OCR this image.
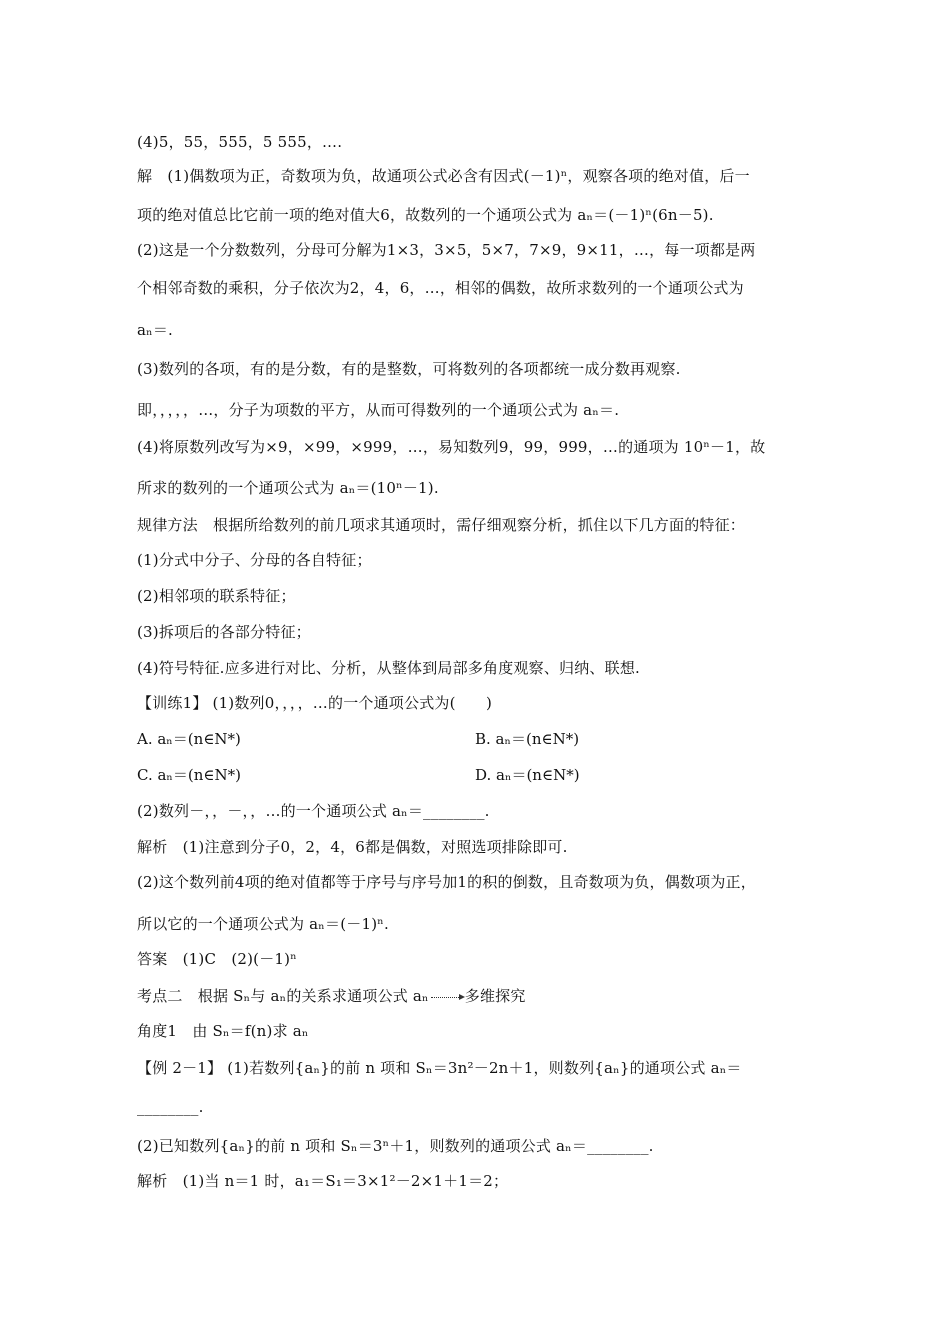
(4)5，55，555，5 555，….
解　(1)偶数项为正，奇数项为负，故通项公式必含有因式(－1)ⁿ，观察各项的绝对值，后一
项的绝对值总比它前一项的绝对值大6，故数列的一个通项公式为 aₙ＝(－1)ⁿ(6n－5).
(2)这是一个分数数列，分母可分解为1×3，3×5，5×7，7×9，9×11，…，每一项都是两
个相邻奇数的乘积，分子依次为2，4，6，…，相邻的偶数，故所求数列的一个通项公式为
aₙ＝.
(3)数列的各项，有的是分数，有的是整数，可将数列的各项都统一成分数再观察.
即，，，，，…，分子为项数的平方，从而可得数列的一个通项公式为 aₙ＝.
(4)将原数列改写为×9，×99，×999，…，易知数列9，99，999，…的通项为 10ⁿ－1，故
所求的数列的一个通项公式为 aₙ＝(10ⁿ－1).
规律方法　根据所给数列的前几项求其通项时，需仔细观察分析，抓住以下几方面的特征：
(1)分式中分子、分母的各自特征；
(2)相邻项的联系特征；
(3)拆项后的各部分特征；
(4)符号特征.应多进行对比、分析，从整体到局部多角度观察、归纳、联想.
【训练1】 (1)数列0，，，，…的一个通项公式为(　　)
A. aₙ＝(n∈N*)	B. aₙ＝(n∈N*)
C. aₙ＝(n∈N*)	D. aₙ＝(n∈N*)
(2)数列－，，－，，…的一个通项公式 aₙ＝________.
解析　(1)注意到分子0，2，4，6都是偶数，对照选项排除即可.
(2)这个数列前4项的绝对值都等于序号与序号加1的积的倒数，且奇数项为负，偶数项为正，
所以它的一个通项公式为 aₙ＝(－1)ⁿ.
答案　(1)C　(2)(－1)ⁿ
考点二　根据 Sₙ与 aₙ的关系求通项公式 aₙ 多维探究
角度1　由 Sₙ＝f(n)求 aₙ
【例 2－1】 (1)若数列{aₙ}的前 n 项和 Sₙ＝3n²－2n＋1，则数列{aₙ}的通项公式 aₙ＝
________.
(2)已知数列{aₙ}的前 n 项和 Sₙ＝3ⁿ＋1，则数列的通项公式 aₙ＝________.
解析　(1)当 n＝1 时，a₁＝S₁＝3×1²－2×1＋1＝2；
